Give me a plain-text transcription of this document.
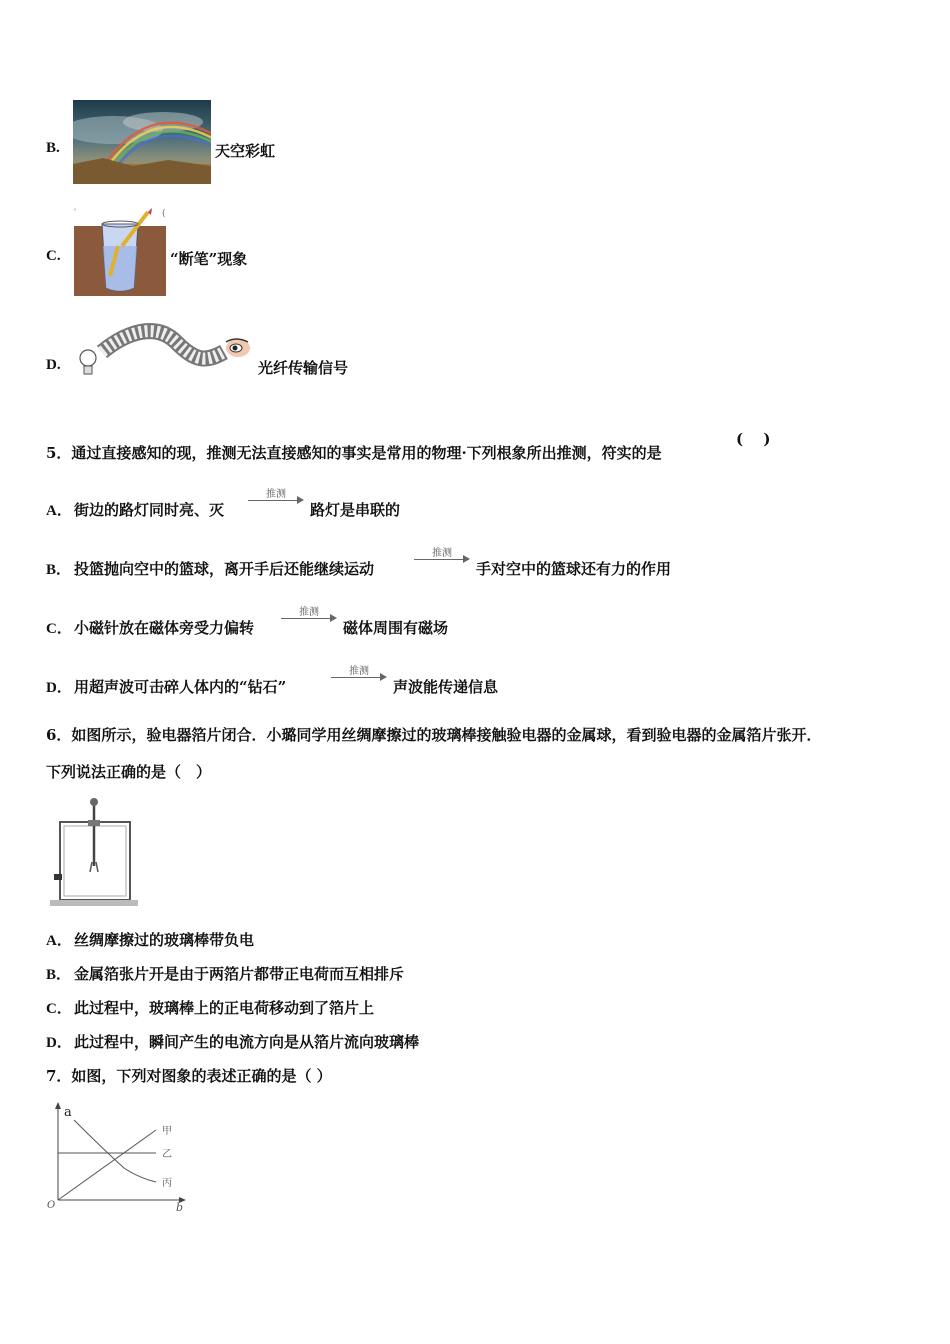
B.	天空彩虹
C.
'	(
“断笔”现象
D.	光纤传输信号
5．通过直接感知的现，推测无法直接感知的事实是常用的物理·下列根象所出推测，符实的是
(　 )
A． 街边的路灯同时亮、灭
推测
路灯是串联的
B． 投篮抛向空中的篮球，离开手后还能继续运动
推测
手对空中的篮球还有力的作用
C． 小磁针放在磁体旁受力偏转
推测
磁体周围有磁场
D． 用超声波可击碎人体内的“钻石”
推测
声波能传递信息
6．如图所示，验电器箔片闭合．小璐同学用丝绸摩擦过的玻璃棒接触验电器的金属球，看到验电器的金属箔片张开．
下列说法正确的是（　）
A． 丝绸摩擦过的玻璃棒带负电
B． 金属箔张片开是由于两箔片都带正电荷而互相排斥
C． 此过程中，玻璃棒上的正电荷移动到了箔片上
D． 此过程中，瞬间产生的电流方向是从箔片流向玻璃棒
7．如图，下列对图象的表述正确的是（ ）
a
b
O
甲
乙
丙
